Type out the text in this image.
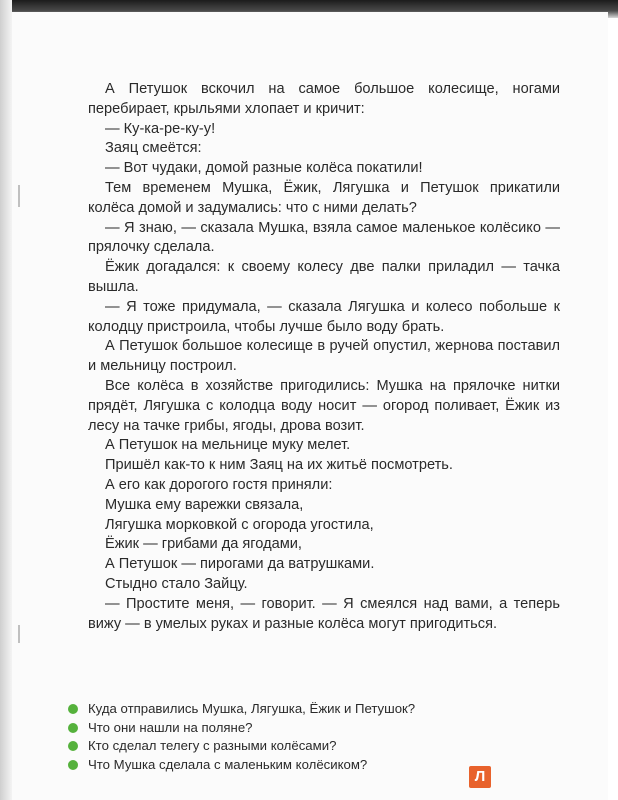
А Петушок вскочил на самое большое колесище, ногами перебирает, крыльями хлопает и кричит:

— Ку-ка-ре-ку-у!

Заяц смеётся:

— Вот чудаки, домой разные колёса покатили!

Тем временем Мушка, Ёжик, Лягушка и Петушок прикатили колёса домой и задумались: что с ними делать?

— Я знаю, — сказала Мушка, взяла самое маленькое колёсико — прялочку сделала.

Ёжик догадался: к своему колесу две палки приладил — тачка вышла.

— Я тоже придумала, — сказала Лягушка и колесо побольше к колодцу пристроила, чтобы лучше было воду брать.

А Петушок большое колесище в ручей опустил, жернова поставил и мельницу построил.

Все колёса в хозяйстве пригодились: Мушка на прялочке нитки прядёт, Лягушка с колодца воду носит — огород поливает, Ёжик из лесу на тачке грибы, ягоды, дрова возит.

А Петушок на мельнице муку мелет.

Пришёл как-то к ним Заяц на их житьё посмотреть.

А его как дорогого гостя приняли:

Мушка ему варежки связала,

Лягушка морковкой с огорода угостила,

Ёжик — грибами да ягодами,

А Петушок — пирогами да ватрушками.

Стыдно стало Зайцу.

— Простите меня, — говорит. — Я смеялся над вами, а теперь вижу — в умелых руках и разные колёса могут пригодиться.

Куда отправились Мушка, Лягушка, Ёжик и Петушок?
Что они нашли на поляне?
Кто сделал телегу с разными колёсами?
Что Мушка сделала с маленьким колёсиком?
Л
